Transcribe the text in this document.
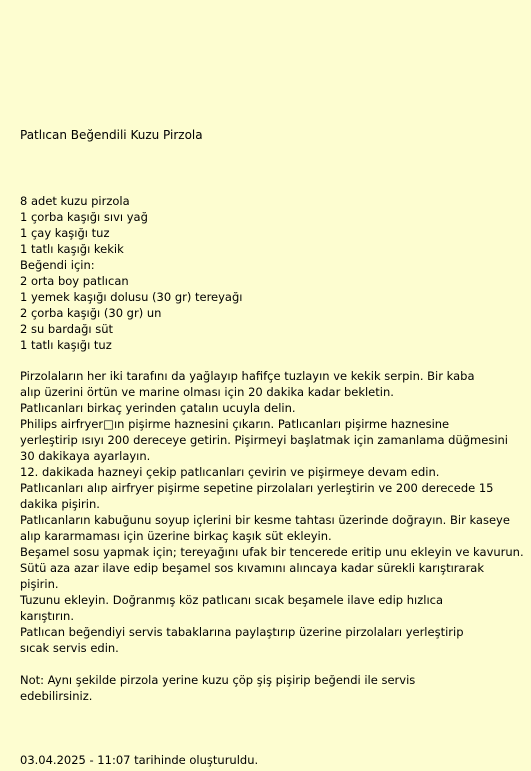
Patlıcan Beğendili Kuzu Pirzola
8 adet kuzu pirzola
1 çorba kaşığı sıvı yağ
1 çay kaşığı tuz
1 tatlı kaşığı kekik
Beğendi için:
2 orta boy patlıcan
1 yemek kaşığı dolusu (30 gr) tereyağı
2 çorba kaşığı (30 gr) un
2 su bardağı süt
1 tatlı kaşığı tuz
Pirzolaların her iki tarafını da yağlayıp hafifçe tuzlayın ve kekik serpin. Bir kaba
alıp üzerini örtün ve marine olması için 20 dakika kadar bekletin.
Patlıcanları birkaç yerinden çatalın ucuyla delin.
Philips airfryer□ın pişirme haznesini çıkarın. Patlıcanları pişirme haznesine
yerleştirip ısıyı 200 dereceye getirin. Pişirmeyi başlatmak için zamanlama düğmesini
30 dakikaya ayarlayın.
12. dakikada hazneyi çekip patlıcanları çevirin ve pişirmeye devam edin.
Patlıcanları alıp airfryer pişirme sepetine pirzolaları yerleştirin ve 200 derecede 15
dakika pişirin.
Patlıcanların kabuğunu soyup içlerini bir kesme tahtası üzerinde doğrayın. Bir kaseye
alıp kararmaması için üzerine birkaç kaşık süt ekleyin.
Beşamel sosu yapmak için; tereyağını ufak bir tencerede eritip unu ekleyin ve kavurun.
Sütü aza azar ilave edip beşamel sos kıvamını alıncaya kadar sürekli karıştırarak
pişirin.
Tuzunu ekleyin. Doğranmış köz patlıcanı sıcak beşamele ilave edip hızlıca
karıştırın.
Patlıcan beğendiyi servis tabaklarına paylaştırıp üzerine pirzolaları yerleştirip
sıcak servis edin.
Not: Aynı şekilde pirzola yerine kuzu çöp şiş pişirip beğendi ile servis
edebilirsiniz.
03.04.2025 - 11:07 tarihinde oluşturuldu.
